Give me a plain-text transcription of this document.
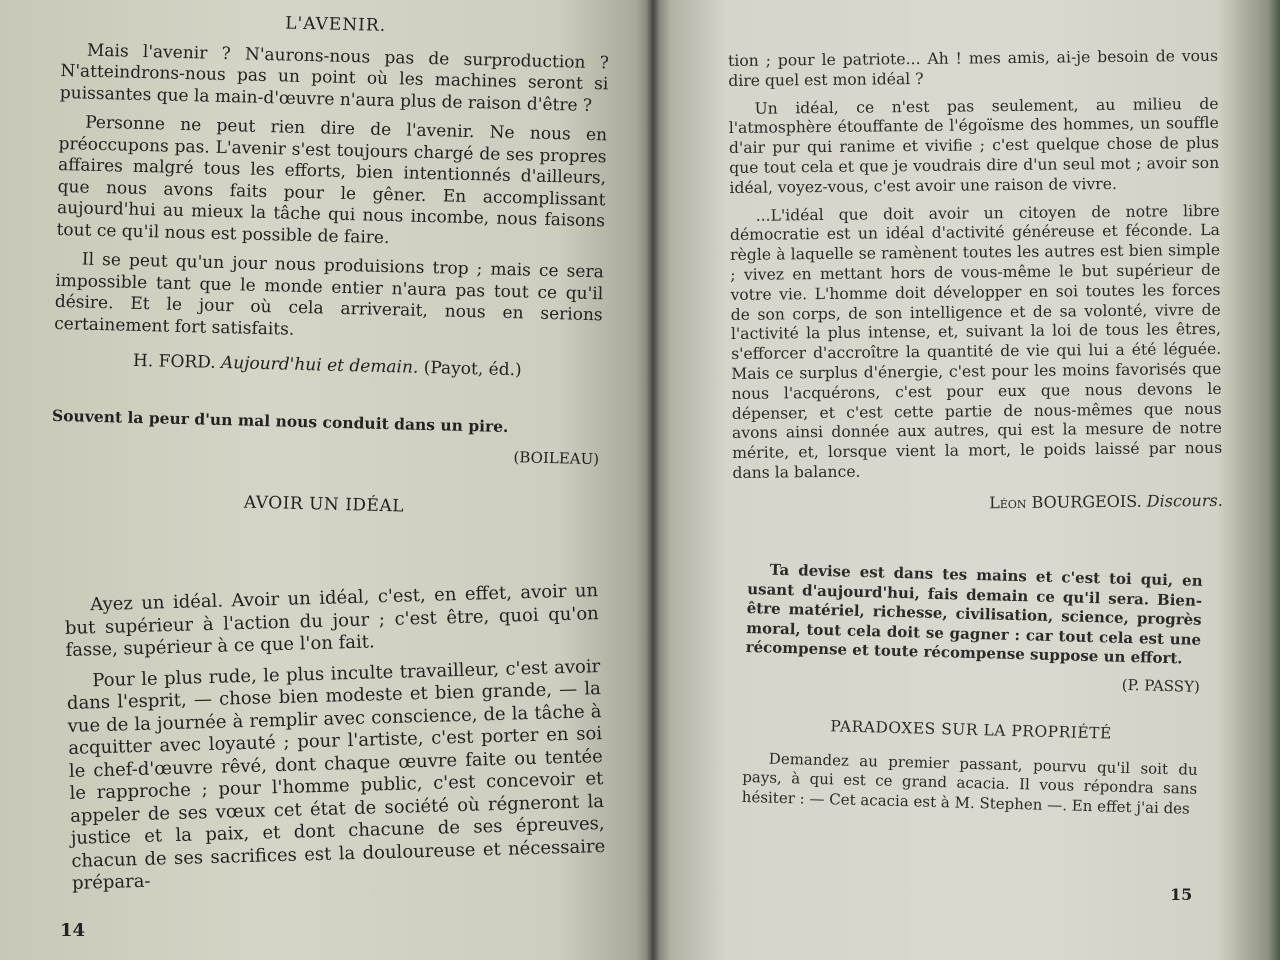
L'AVENIR.

Mais l'avenir ? N'aurons-nous pas de surproduction ? N'atteindrons-nous pas un point où les machines seront si puissantes que la main-d'œuvre n'aura plus de raison d'être ?

Personne ne peut rien dire de l'avenir. Ne nous en préoccupons pas. L'avenir s'est toujours chargé de ses propres affaires malgré tous les efforts, bien intentionnés d'ailleurs, que nous avons faits pour le gêner. En accomplissant aujourd'hui au mieux la tâche qui nous incombe, nous faisons tout ce qu'il nous est possible de faire.

Il se peut qu'un jour nous produisions trop ; mais ce sera impossible tant que le monde entier n'aura pas tout ce qu'il désire. Et le jour où cela arriverait, nous en serions certainement fort satisfaits.

H. FORD. Aujourd'hui et demain. (Payot, éd.)

Souvent la peur d'un mal nous conduit dans un pire.

(BOILEAU)
AVOIR UN IDÉAL

Ayez un idéal. Avoir un idéal, c'est, en effet, avoir un but supérieur à l'action du jour ; c'est être, quoi qu'on fasse, supérieur à ce que l'on fait.

Pour le plus rude, le plus inculte travailleur, c'est avoir dans l'esprit, — chose bien modeste et bien grande, — la vue de la journée à remplir avec conscience, de la tâche à acquitter avec loyauté ; pour l'artiste, c'est porter en soi le chef-d'œuvre rêvé, dont chaque œuvre faite ou tentée le rapproche ; pour l'homme public, c'est concevoir et appeler de ses vœux cet état de société où régneront la justice et la paix, et dont chacune de ses épreuves, chacun de ses sacrifices est la douloureuse et nécessaire prépara-

14

tion ; pour le patriote... Ah ! mes amis, ai-je besoin de vous dire quel est mon idéal ?

Un idéal, ce n'est pas seulement, au milieu de l'atmosphère étouffante de l'égoïsme des hommes, un souffle d'air pur qui ranime et vivifie ; c'est quelque chose de plus que tout cela et que je voudrais dire d'un seul mot ; avoir son idéal, voyez-vous, c'est avoir une raison de vivre.

...L'idéal que doit avoir un citoyen de notre libre démocratie est un idéal d'activité généreuse et féconde. La règle à laquelle se ramènent toutes les autres est bien simple ; vivez en mettant hors de vous-même le but supérieur de votre vie. L'homme doit développer en soi toutes les forces de son corps, de son intelligence et de sa volonté, vivre de l'activité la plus intense, et, suivant la loi de tous les êtres, s'efforcer d'accroître la quantité de vie qui lui a été léguée. Mais ce surplus d'énergie, c'est pour les moins favorisés que nous l'acquérons, c'est pour eux que nous devons le dépenser, et c'est cette partie de nous-mêmes que nous avons ainsi donnée aux autres, qui est la mesure de notre mérite, et, lorsque vient la mort, le poids laissé par nous dans la balance.

Léon BOURGEOIS. Discours.

Ta devise est dans tes mains et c'est toi qui, en usant d'aujourd'hui, fais demain ce qu'il sera. Bien-être matériel, richesse, civilisation, science, progrès moral, tout cela doit se gagner : car tout cela est une récompense et toute récompense suppose un effort.

(P. PASSY)
PARADOXES SUR LA PROPRIÉTÉ

Demandez au premier passant, pourvu qu'il soit du pays, à qui est ce grand acacia. Il vous répondra sans hésiter : — Cet acacia est à M. Stephen —. En effet j'ai des

15
